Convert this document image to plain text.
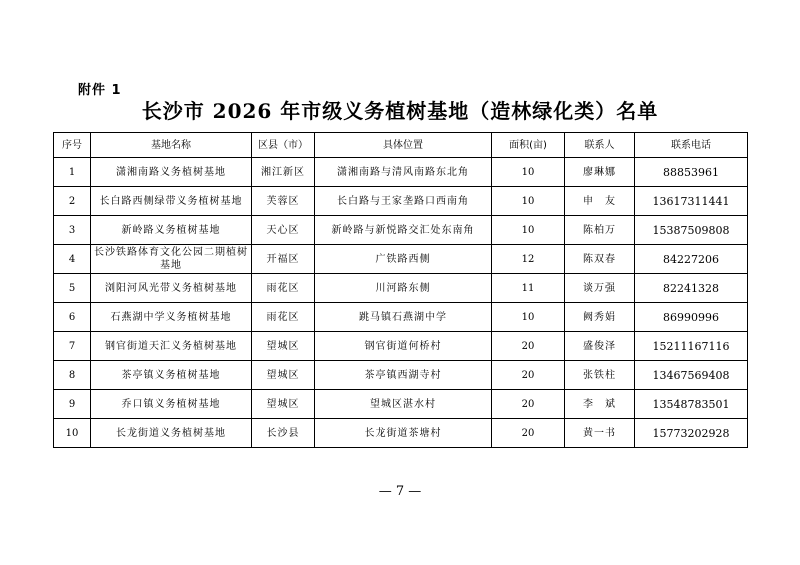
附件 1
长沙市 2026 年市级义务植树基地（造林绿化类）名单
序号	基地名称	区县（市）	具体位置	面积(亩)	联系人	联系电话
1	潇湘南路义务植树基地	湘江新区	潇湘南路与清风南路东北角	10	廖琳娜	88853961
2	长白路西侧绿带义务植树基地	芙蓉区	长白路与王家垄路口西南角	10	申　友	13617311441
3	新岭路义务植树基地	天心区	新岭路与新悦路交汇处东南角	10	陈柏万	15387509808
4	长沙铁路体育文化公园二期植树基地	开福区	广铁路西侧	12	陈双春	84227206
5	浏阳河风光带义务植树基地	雨花区	川河路东侧	11	谈万强	82241328
6	石燕湖中学义务植树基地	雨花区	跳马镇石燕湖中学	10	阙秀娟	86990996
7	钢官街道天汇义务植树基地	望城区	钢官街道何桥村	20	盛俊泽	15211167116
8	茶亭镇义务植树基地	望城区	茶亭镇西湖寺村	20	张铁柱	13467569408
9	乔口镇义务植树基地	望城区	望城区湛水村	20	李　斌	13548783501
10	长龙街道义务植树基地	长沙县	长龙街道茶塘村	20	黄一书	15773202928
— 7 —
